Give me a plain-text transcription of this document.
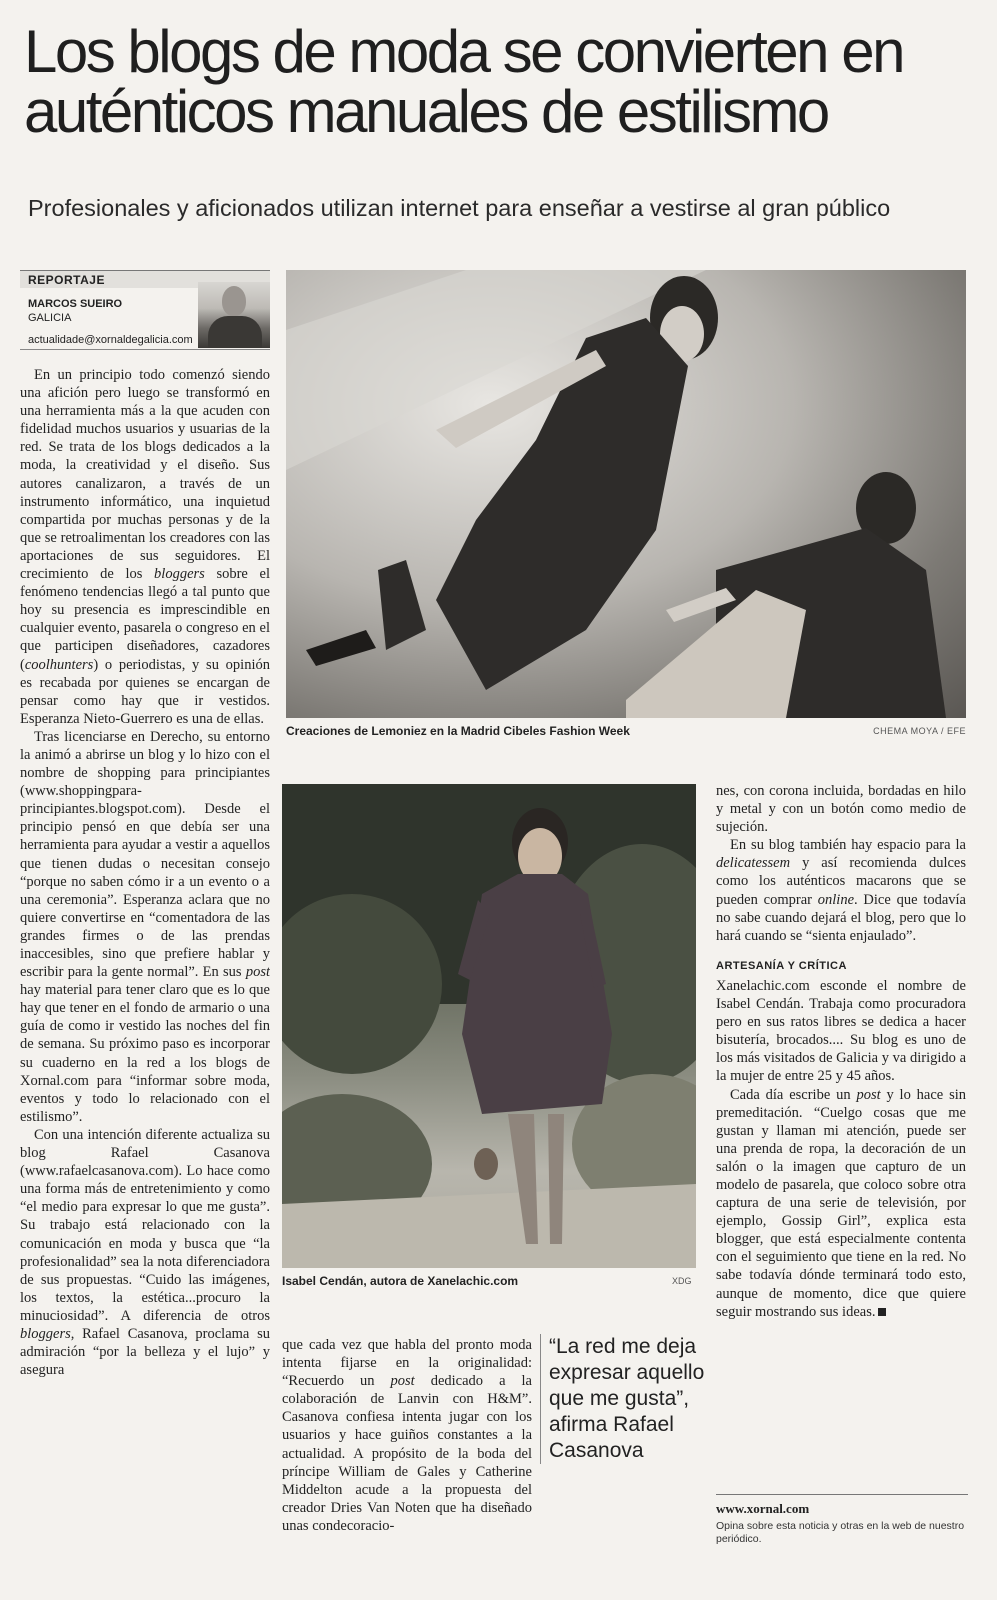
Los blogs de moda se convierten en auténticos manuales de estilismo
Profesionales y aficionados utilizan internet para enseñar a vestirse al gran público
REPORTAJE
MARCOS SUEIRO
GALICIA
actualidade@xornaldegalicia.com

En un principio todo comenzó siendo una afición pero luego se transformó en una herramienta más a la que acuden con fidelidad muchos usuarios y usuarias de la red. Se trata de los blogs dedicados a la moda, la creatividad y el diseño. Sus autores canalizaron, a través de un instrumento informático, una inquietud compartida por muchas personas y de la que se retroalimentan los creadores con las aportaciones de sus seguidores. El crecimiento de los bloggers sobre el fenómeno tendencias llegó a tal punto que hoy su presencia es imprescindible en cualquier evento, pasarela o congreso en el que participen diseñadores, cazadores (coolhunters) o periodistas, y su opinión es recabada por quienes se encargan de pensar como hay que ir vestidos. Esperanza Nieto-Guerrero es una de ellas.

Tras licenciarse en Derecho, su entorno la animó a abrirse un blog y lo hizo con el nombre de shopping para principiantes (www.shoppingpara-principiantes.blogspot.com). Desde el principio pensó en que debía ser una herramienta para ayudar a vestir a aquellos que tienen dudas o necesitan consejo “porque no saben cómo ir a un evento o a una ceremonia”. Esperanza aclara que no quiere convertirse en “comentadora de las grandes firmes o de las prendas inaccesibles, sino que prefiere hablar y escribir para la gente normal”. En sus post hay material para tener claro que es lo que hay que tener en el fondo de armario o una guía de como ir vestido las noches del fin de semana. Su próximo paso es incorporar su cuaderno en la red a los blogs de Xornal.com para “informar sobre moda, eventos y todo lo relacionado con el estilismo”.

Con una intención diferente actualiza su blog Rafael Casanova (www.rafaelcasanova.com). Lo hace como una forma más de entretenimiento y como “el medio para expresar lo que me gusta”. Su trabajo está relacionado con la comunicación en moda y busca que “la profesionalidad” sea la nota diferenciadora de sus propuestas. “Cuido las imágenes, los textos, la estética...procuro la minuciosidad”. A diferencia de otros bloggers, Rafael Casanova, proclama su admiración “por la belleza y el lujo” y asegura

Creaciones de Lemoniez en la Madrid Cibeles Fashion Week	CHEMA MOYA / EFE
Isabel Cendán, autora de Xanelachic.com	XDG

que cada vez que habla del pronto moda intenta fijarse en la originalidad: “Recuerdo un post dedicado a la colaboración de Lanvin con H&M”. Casanova confiesa intenta jugar con los usuarios y hace guiños constantes a la actualidad. A propósito de la boda del príncipe William de Gales y Catherine Middelton acude a la propuesta del creador Dries Van Noten que ha diseñado unas condecoracio-

“La red me deja expresar aquello que me gusta”, afirma Rafael Casanova

nes, con corona incluida, bordadas en hilo y metal y con un botón como medio de sujeción.

En su blog también hay espacio para la delicatessem y así recomienda dulces como los auténticos macarons que se pueden comprar online. Dice que todavía no sabe cuando dejará el blog, pero que lo hará cuando se “sienta enjaulado”.

ARTESANÍA Y CRÍTICA

Xanelachic.com esconde el nombre de Isabel Cendán. Trabaja como procuradora pero en sus ratos libres se dedica a hacer bisutería, brocados.... Su blog es uno de los más visitados de Galicia y va dirigido a la mujer de entre 25 y 45 años.

Cada día escribe un post y lo hace sin premeditación. “Cuelgo cosas que me gustan y llaman mi atención, puede ser una prenda de ropa, la decoración de un salón o la imagen que capturo de un modelo de pasarela, que coloco sobre otra captura de una serie de televisión, por ejemplo, Gossip Girl”, explica esta blogger, que está especialmente contenta con el seguimiento que tiene en la red. No sabe todavía dónde terminará todo esto, aunque de momento, dice que quiere seguir mostrando sus ideas.

www.xornal.com
Opina sobre esta noticia y otras en la web de nuestro periódico.
